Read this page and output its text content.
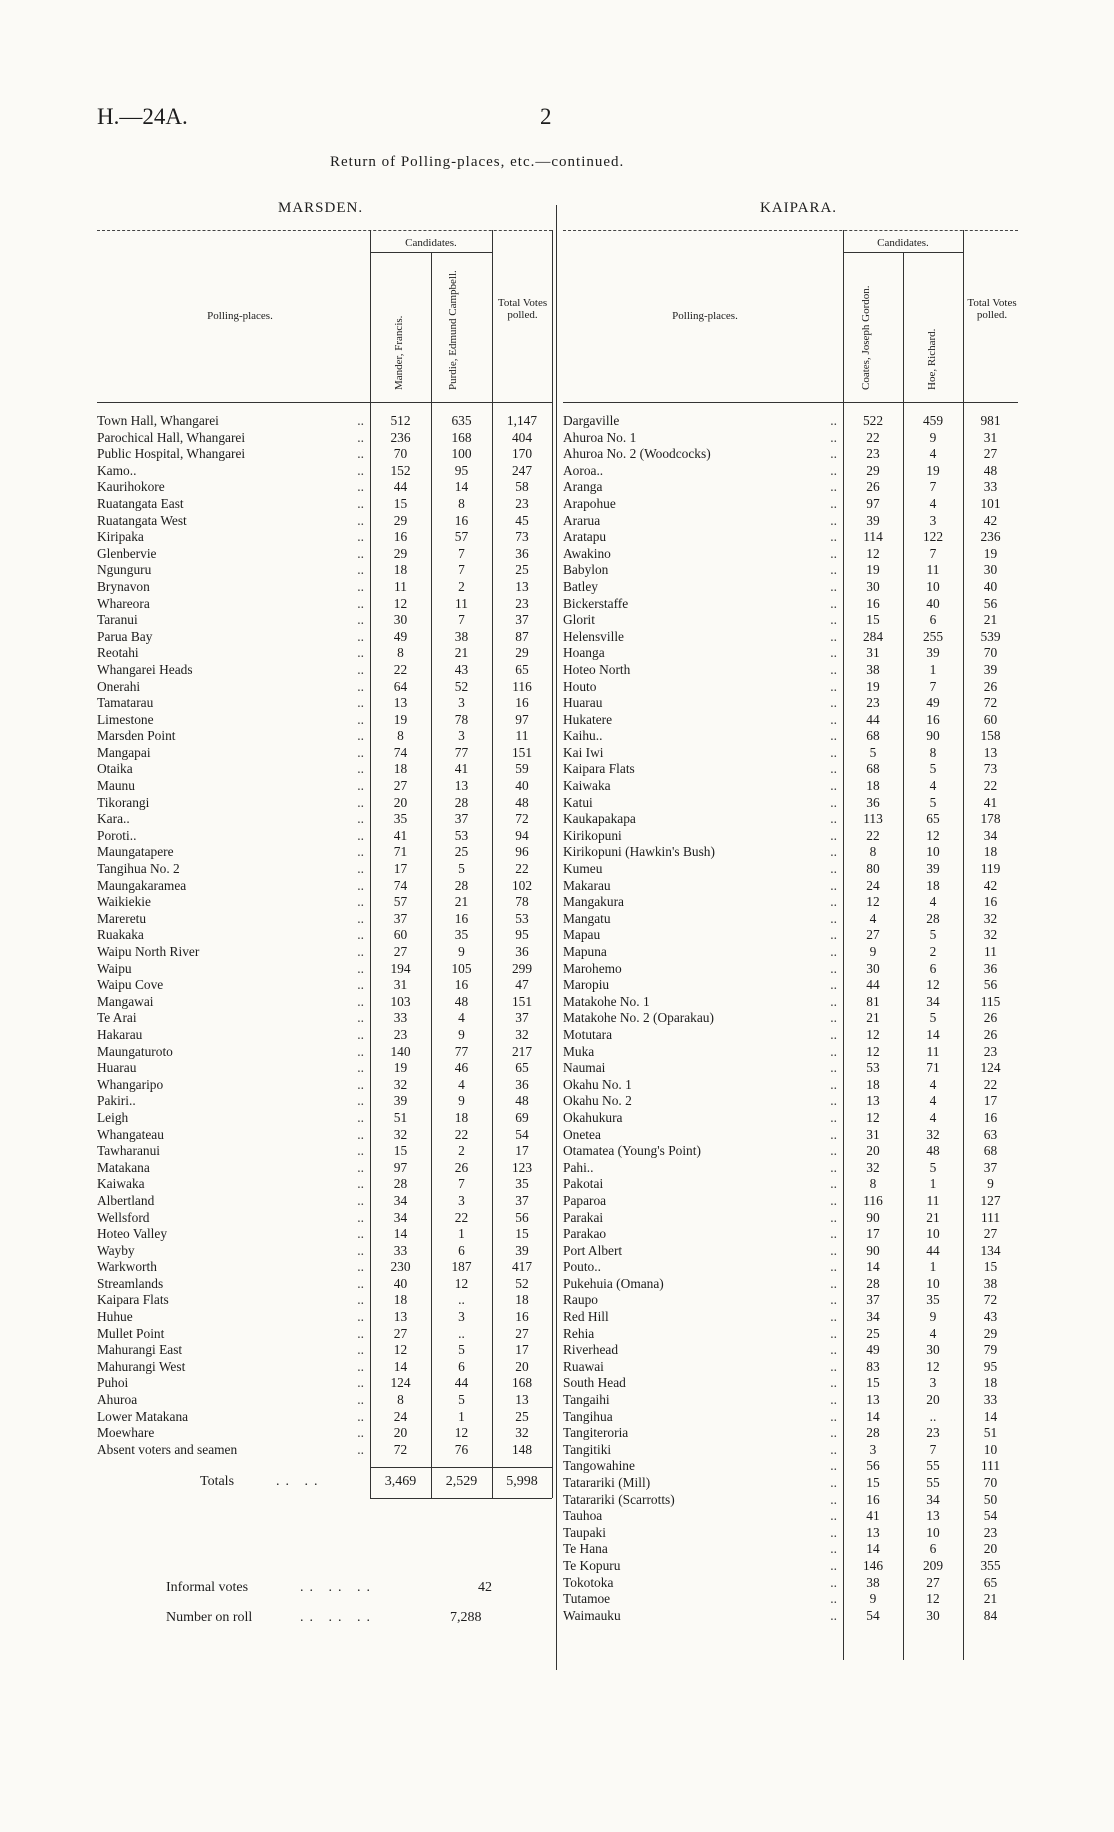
H.—24A.	2
Return of Polling-places, etc.—continued.
MARSDEN.	KAIPARA.
Polling-places.
Candidates.
Mander, Francis.	Purdie, Edmund Campbell.	Total Votes polled.	Polling-places.
Candidates.
Coates, Joseph Gordon.	Hoe, Richard.
Total Votes polled.
Town Hall, Whangarei ..	512	635	1,147
Parochical Hall, Whangarei ..	236	168	404
Public Hospital, Whangarei ..	70	100	170
Kamo.. ..	152	95	247
Kaurihokore ..	44	14	58
Ruatangata East ..	15	8	23
Ruatangata West ..	29	16	45
Kiripaka ..	16	57	73
Glenbervie ..	29	7	36
Ngunguru ..	18	7	25
Brynavon ..	11	2	13
Whareora ..	12	11	23
Taranui ..	30	7	37
Parua Bay ..	49	38	87
Reotahi ..	8	21	29
Whangarei Heads ..	22	43	65
Onerahi ..	64	52	116
Tamatarau ..	13	3	16
Limestone ..	19	78	97
Marsden Point ..	8	3	11
Mangapai ..	74	77	151
Otaika ..	18	41	59
Maunu ..	27	13	40
Tikorangi ..	20	28	48
Kara.. ..	35	37	72
Poroti.. ..	41	53	94
Maungatapere ..	71	25	96
Tangihua No. 2 ..	17	5	22
Maungakaramea ..	74	28	102
Waikiekie ..	57	21	78
Mareretu ..	37	16	53
Ruakaka ..	60	35	95
Waipu North River ..	27	9	36
Waipu ..	194	105	299
Waipu Cove ..	31	16	47
Mangawai ..	103	48	151
Te Arai ..	33	4	37
Hakarau ..	23	9	32
Maungaturoto ..	140	77	217
Huarau ..	19	46	65
Whangaripo ..	32	4	36
Pakiri.. ..	39	9	48
Leigh ..	51	18	69
Whangateau ..	32	22	54
Tawharanui ..	15	2	17
Matakana ..	97	26	123
Kaiwaka ..	28	7	35
Albertland ..	34	3	37
Wellsford ..	34	22	56
Hoteo Valley ..	14	1	15
Wayby ..	33	6	39
Warkworth ..	230	187	417
Streamlands ..	40	12	52
Kaipara Flats ..	18	..	18
Huhue ..	13	3	16
Mullet Point ..	27	..	27
Mahurangi East ..	12	5	17
Mahurangi West ..	14	6	20
Puhoi ..	124	44	168
Ahuroa ..	8	5	13
Lower Matakana ..	24	1	25
Moewhare ..	20	12	32
Absent voters and seamen ..	72	76	148
Totals	.. ..	3,469	2,529	5,998
Informal votes	.. .. ..	42
Number on roll	.. .. ..	7,288
Dargaville ..	522	459	981
Ahuroa No. 1 ..	22	9	31
Ahuroa No. 2 (Woodcocks) ..	23	4	27
Aoroa.. ..	29	19	48
Aranga ..	26	7	33
Arapohue ..	97	4	101
Ararua ..	39	3	42
Aratapu ..	114	122	236
Awakino ..	12	7	19
Babylon ..	19	11	30
Batley ..	30	10	40
Bickerstaffe ..	16	40	56
Glorit ..	15	6	21
Helensville ..	284	255	539
Hoanga ..	31	39	70
Hoteo North ..	38	1	39
Houto ..	19	7	26
Huarau ..	23	49	72
Hukatere ..	44	16	60
Kaihu.. ..	68	90	158
Kai Iwi ..	5	8	13
Kaipara Flats ..	68	5	73
Kaiwaka ..	18	4	22
Katui ..	36	5	41
Kaukapakapa ..	113	65	178
Kirikopuni ..	22	12	34
Kirikopuni (Hawkin's Bush) ..	8	10	18
Kumeu ..	80	39	119
Makarau ..	24	18	42
Mangakura ..	12	4	16
Mangatu ..	4	28	32
Mapau ..	27	5	32
Mapuna ..	9	2	11
Marohemo ..	30	6	36
Maropiu ..	44	12	56
Matakohe No. 1 ..	81	34	115
Matakohe No. 2 (Oparakau) ..	21	5	26
Motutara ..	12	14	26
Muka ..	12	11	23
Naumai ..	53	71	124
Okahu No. 1 ..	18	4	22
Okahu No. 2 ..	13	4	17
Okahukura ..	12	4	16
Onetea ..	31	32	63
Otamatea (Young's Point) ..	20	48	68
Pahi.. ..	32	5	37
Pakotai ..	8	1	9
Paparoa ..	116	11	127
Parakai ..	90	21	111
Parakao ..	17	10	27
Port Albert ..	90	44	134
Pouto.. ..	14	1	15
Pukehuia (Omana) ..	28	10	38
Raupo ..	37	35	72
Red Hill ..	34	9	43
Rehia ..	25	4	29
Riverhead ..	49	30	79
Ruawai ..	83	12	95
South Head ..	15	3	18
Tangaihi ..	13	20	33
Tangihua ..	14	..	14
Tangiteroria ..	28	23	51
Tangitiki ..	3	7	10
Tangowahine ..	56	55	111
Tatarariki (Mill) ..	15	55	70
Tatarariki (Scarrotts) ..	16	34	50
Tauhoa ..	41	13	54
Taupaki ..	13	10	23
Te Hana ..	14	6	20
Te Kopuru ..	146	209	355
Tokotoka ..	38	27	65
Tutamoe ..	9	12	21
Waimauku ..	54	30	84
